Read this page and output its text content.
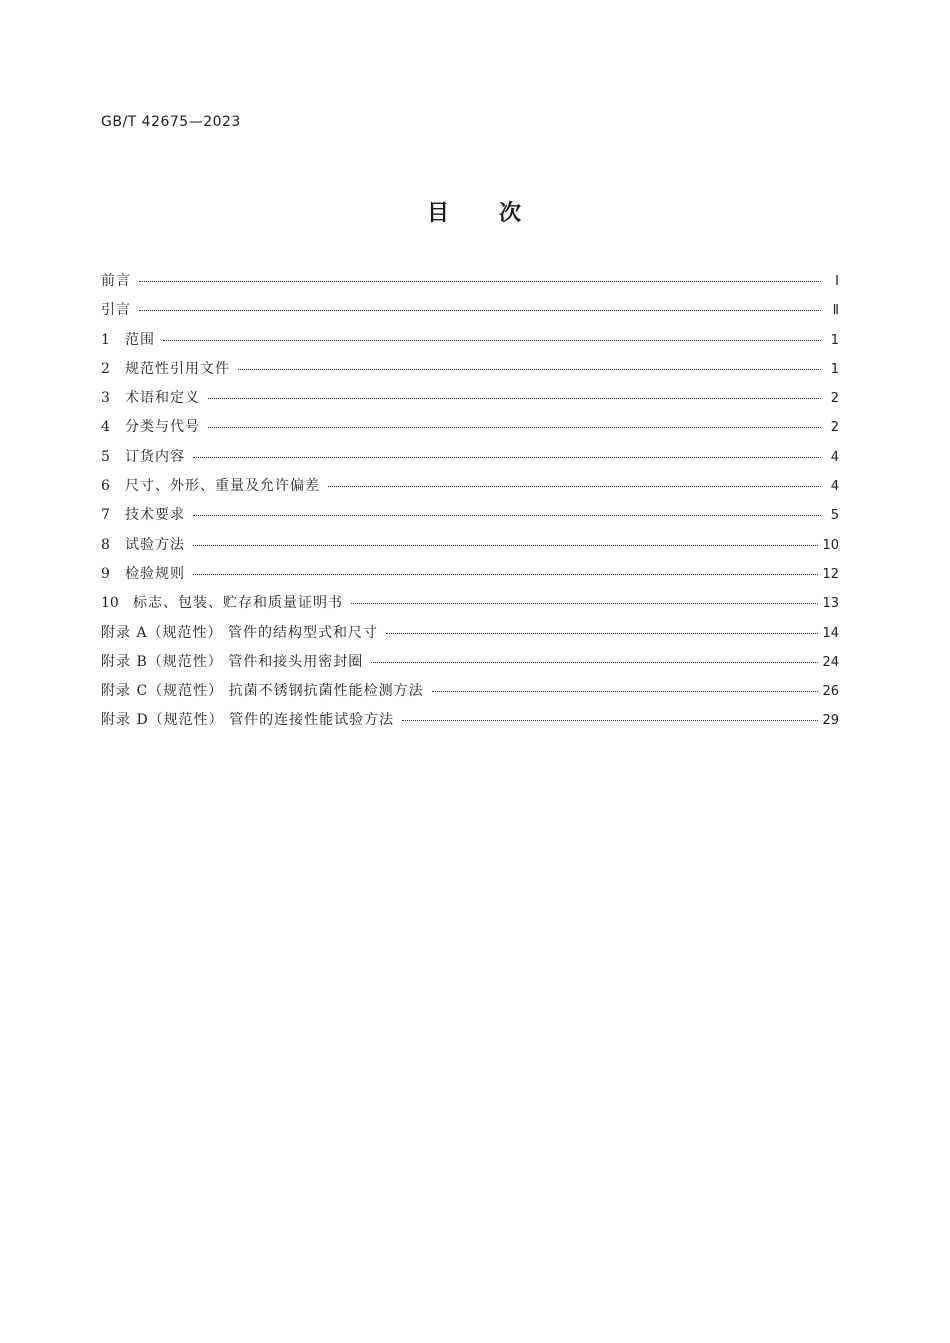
GB/T 42675—2023
目 次
前言	Ⅰ
引言	Ⅱ
1	范围	1
2	规范性引用文件	1
3	术语和定义	2
4	分类与代号	2
5	订货内容	4
6	尺寸、外形、重量及允许偏差	4
7	技术要求	5
8	试验方法	10
9	检验规则	12
10	标志、包装、贮存和质量证明书	13
附录 A（规范性） 管件的结构型式和尺寸	14
附录 B（规范性） 管件和接头用密封圈	24
附录 C（规范性） 抗菌不锈钢抗菌性能检测方法	26
附录 D（规范性） 管件的连接性能试验方法	29
